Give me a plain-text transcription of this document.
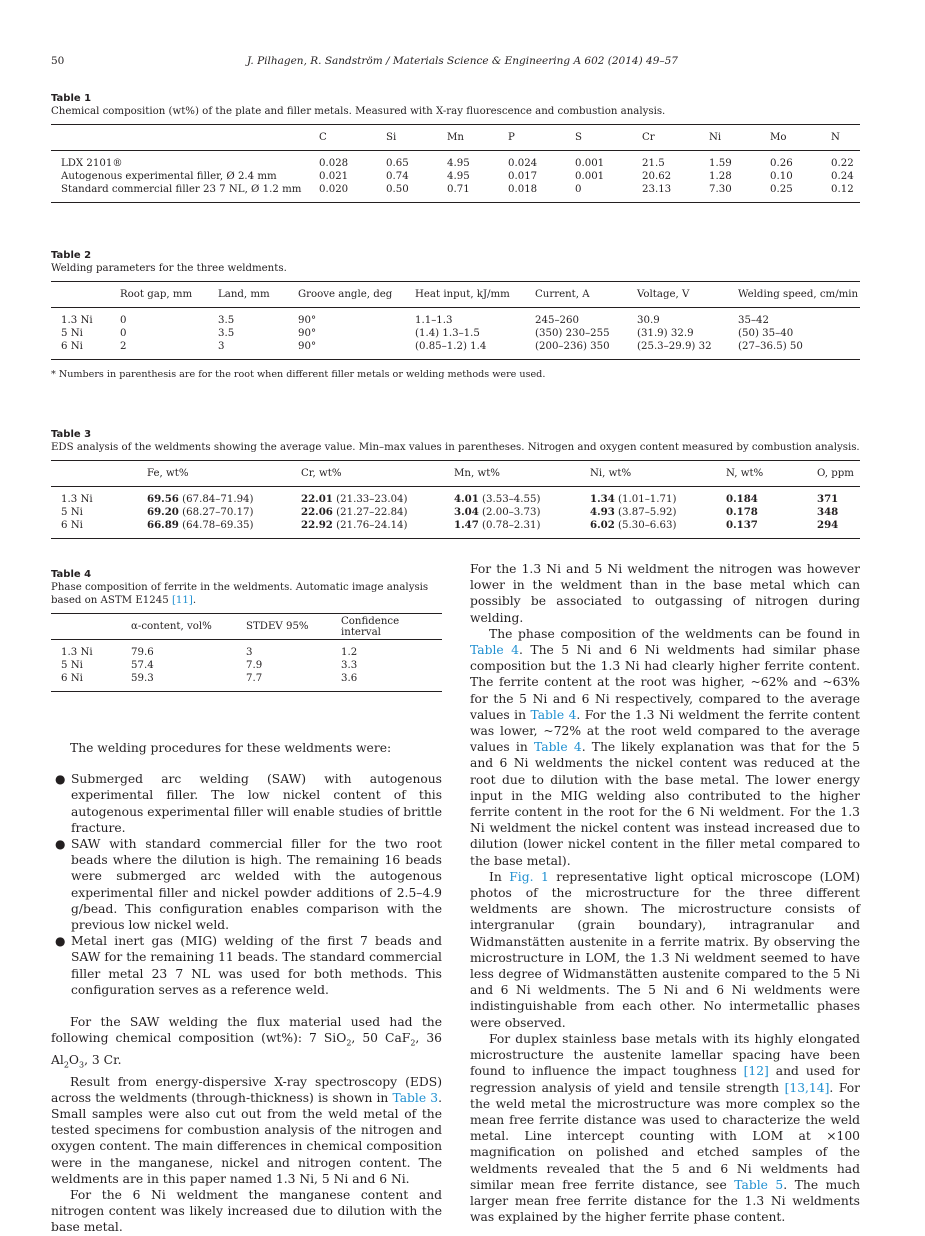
50	J. Pilhagen, R. Sandström / Materials Science & Engineering A 602 (2014) 49–57
Table 1
Chemical composition (wt%) of the plate and filler metals. Measured with X-ray fluorescence and combustion analysis.
	C	Si	Mn	P	S	Cr	Ni	Mo	N
LDX 2101®	0.028	0.65	4.95	0.024	0.001	21.5	1.59	0.26	0.22
Autogenous experimental filler, Ø 2.4 mm	0.021	0.74	4.95	0.017	0.001	20.62	1.28	0.10	0.24
Standard commercial filler 23 7 NL, Ø 1.2 mm	0.020	0.50	0.71	0.018	0	23.13	7.30	0.25	0.12
Table 2
Welding parameters for the three weldments.
	Root gap, mm	Land, mm	Groove angle, deg	Heat input, kJ/mm	Current, A	Voltage, V	Welding speed, cm/min
1.3 Ni	0	3.5	90°	1.1–1.3	245–260	30.9	35–42
5 Ni	0	3.5	90°	(1.4) 1.3–1.5	(350) 230–255	(31.9) 32.9	(50) 35–40
6 Ni	2	3	90°	(0.85–1.2) 1.4	(200–236) 350	(25.3–29.9) 32	(27–36.5) 50
* Numbers in parenthesis are for the root when different filler metals or welding methods were used.
Table 3
EDS analysis of the weldments showing the average value. Min–max values in parentheses. Nitrogen and oxygen content measured by combustion analysis.
	Fe, wt%	Cr, wt%	Mn, wt%	Ni, wt%	N, wt%	O, ppm
1.3 Ni	69.56 (67.84–71.94)	22.01 (21.33–23.04)	4.01 (3.53–4.55)	1.34 (1.01–1.71)	0.184	371
5 Ni	69.20 (68.27–70.17)	22.06 (21.27–22.84)	3.04 (2.00–3.73)	4.93 (3.87–5.92)	0.178	348
6 Ni	66.89 (64.78–69.35)	22.92 (21.76–24.14)	1.47 (0.78–2.31)	6.02 (5.30–6.63)	0.137	294
Table 4
Phase composition of ferrite in the weldments. Automatic image analysis based on ASTM E1245 [11].
	α-content, vol%	STDEV 95%	Confidence interval
1.3 Ni	79.6	3	1.2
5 Ni	57.4	7.9	3.3
6 Ni	59.3	7.7	3.6

The welding procedures for these weldments were:

● Submerged arc welding (SAW) with autogenous experimental filler. The low nickel content of this autogenous experimental filler will enable studies of brittle fracture.
● SAW with standard commercial filler for the two root beads where the dilution is high. The remaining 16 beads were submerged arc welded with the autogenous experimental filler and nickel powder additions of 2.5–4.9 g/bead. This configuration enables comparison with the previous low nickel weld.
● Metal inert gas (MIG) welding of the first 7 beads and SAW for the remaining 11 beads. The standard commercial filler metal 23 7 NL was used for both methods. This configuration serves as a reference weld.

For the SAW welding the flux material used had the following chemical composition (wt%): 7 SiO$_2$, 50 CaF$_2$, 36 $Al_2O_3$, 3 Cr.

Result from energy-dispersive X-ray spectroscopy (EDS) across the weldments (through-thickness) is shown in Table 3. Small samples were also cut out from the weld metal of the tested specimens for combustion analysis of the nitrogen and oxygen content. The main differences in chemical composition were in the manganese, nickel and nitrogen content. The weldments are in this paper named 1.3 Ni, 5 Ni and 6 Ni.

For the 6 Ni weldment the manganese content and nitrogen content was likely increased due to dilution with the base metal.

For the 1.3 Ni and 5 Ni weldment the nitrogen was however lower in the weldment than in the base metal which can possibly be associated to outgassing of nitrogen during welding.

The phase composition of the weldments can be found in Table 4. The 5 Ni and 6 Ni weldments had similar phase composition but the 1.3 Ni had clearly higher ferrite content. The ferrite content at the root was higher, ~62% and ~63% for the 5 Ni and 6 Ni respectively, compared to the average values in Table 4. For the 1.3 Ni weldment the ferrite content was lower, ~72% at the root weld compared to the average values in Table 4. The likely explanation was that for the 5 and 6 Ni weldments the nickel content was reduced at the root due to dilution with the base metal. The lower energy input in the MIG welding also contributed to the higher ferrite content in the root for the 6 Ni weldment. For the 1.3 Ni weldment the nickel content was instead increased due to dilution (lower nickel content in the filler metal compared to the base metal).

In Fig. 1 representative light optical microscope (LOM) photos of the microstructure for the three different weldments are shown. The microstructure consists of intergranular (grain boundary), intragranular and Widmanstätten austenite in a ferrite matrix. By observing the microstructure in LOM, the 1.3 Ni weldment seemed to have less degree of Widmanstätten austenite compared to the 5 Ni and 6 Ni weldments. The 5 Ni and 6 Ni weldments were indistinguishable from each other. No intermetallic phases were observed.

For duplex stainless base metals with its highly elongated microstructure the austenite lamellar spacing have been found to influence the impact toughness [12] and used for regression analysis of yield and tensile strength [13,14]. For the weld metal the microstructure was more complex so the mean free ferrite distance was used to characterize the weld metal. Line intercept counting with LOM at ×100 magnification on polished and etched samples of the weldments revealed that the 5 and 6 Ni weldments had similar mean free ferrite distance, see Table 5. The much larger mean free ferrite distance for the 1.3 Ni weldments was explained by the higher ferrite phase content.
